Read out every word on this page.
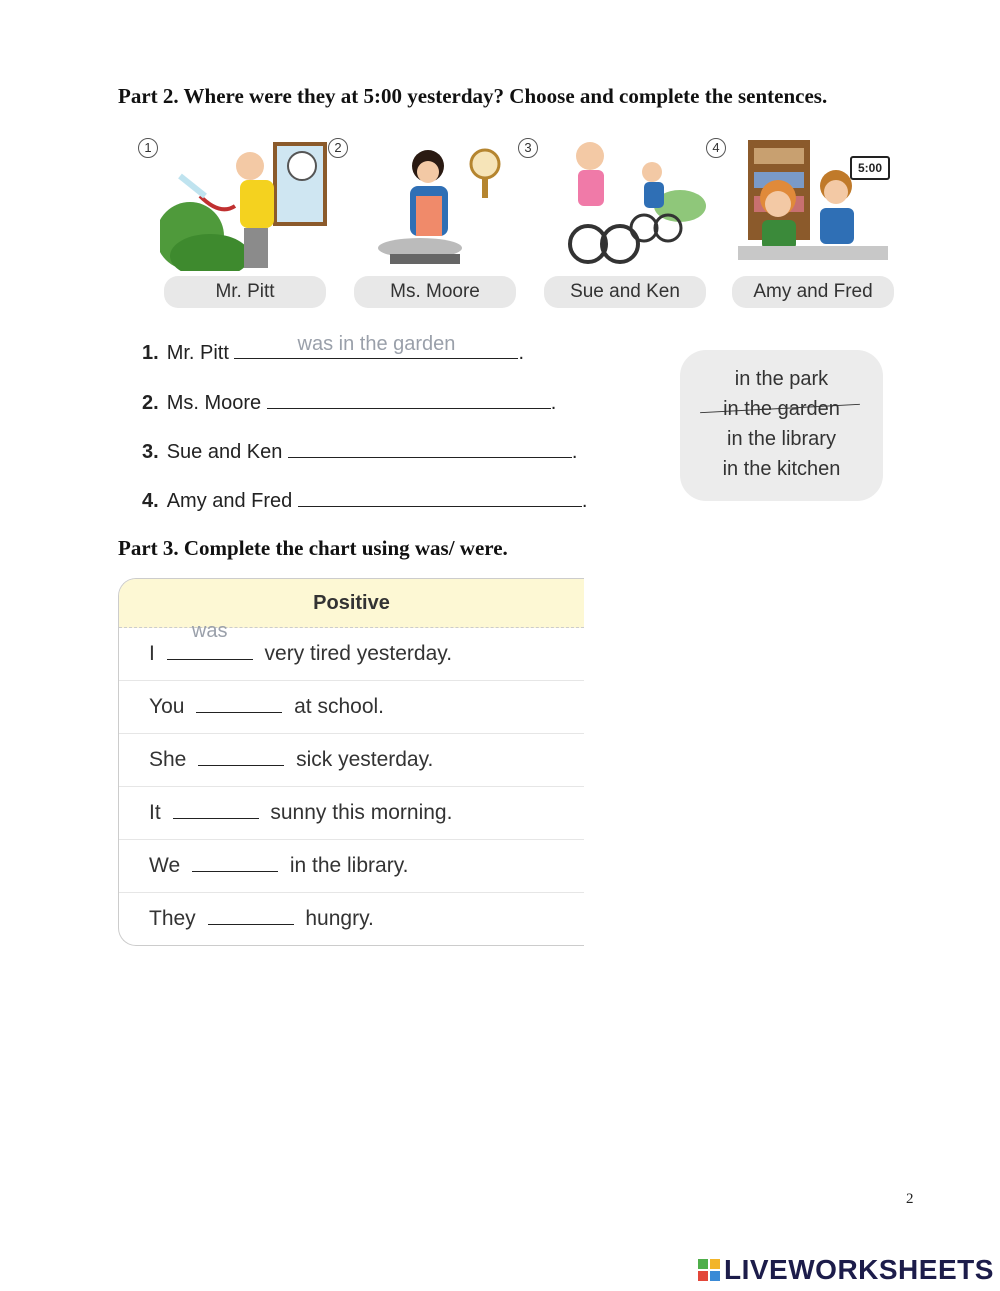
Part 2. Where were they at 5:00 yesterday? Choose and complete the sentences.
1
Mr. Pitt
2
Ms. Moore
3
Sue and Ken
4
5:00
Amy and Fred
1. Mr. Pitt	was in the garden	.
2. Ms. Moore	.
3. Sue and Ken	.
4. Amy and Fred	.
in the park
in the garden
in the library
in the kitchen
Part 3. Complete the chart using was/ were.
Positive
I
was
very tired yesterday.
You	at school.
She	sick yesterday.
It	sunny this morning.
We	in the library.
They	hungry.
2
LIVEWORKSHEETS
